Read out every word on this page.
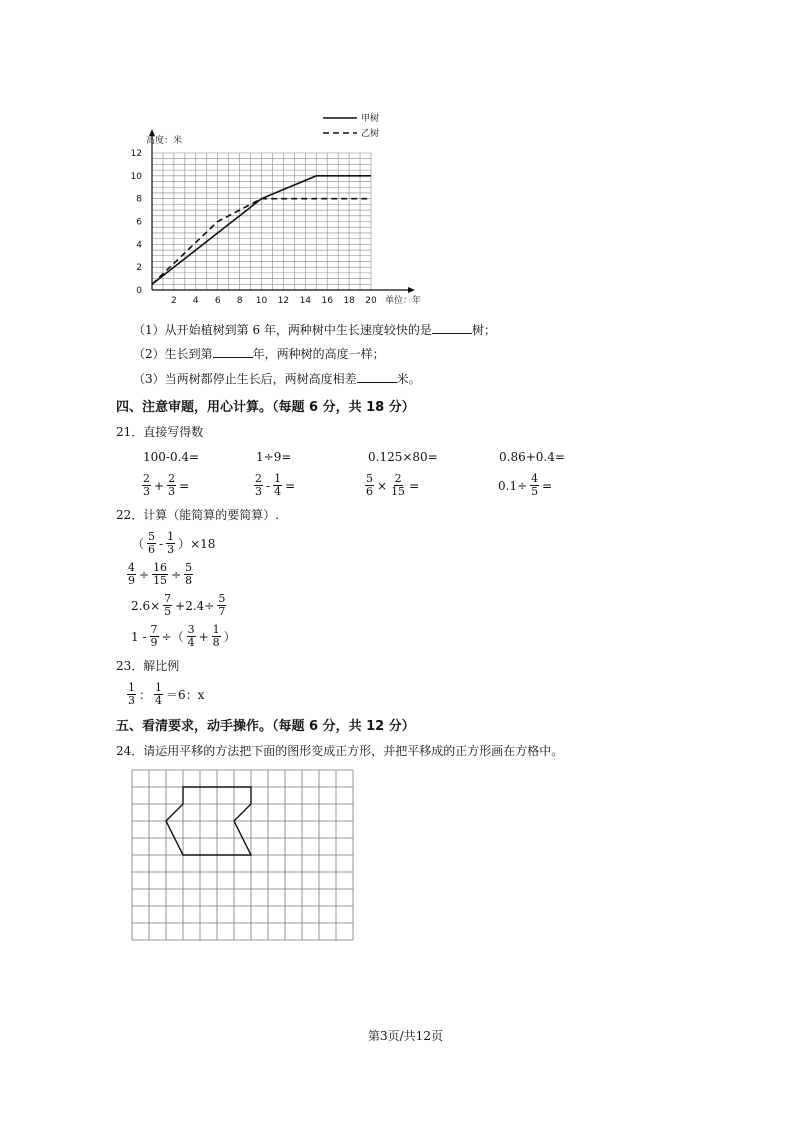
2 4 6 8 10 12 14 16 18 20
0
2
4
6
8
10
12
高度：米
单位：年
甲树
乙树
（1）从开始植树到第 6 年，两种树中生长速度较快的是	树；
（2）生长到第	年，两种树的高度一样；
（3）当两树都停止生长后，两树高度相差	米。
四、注意审题，用心计算。（每题 6 分，共 18 分）
21．直接写得数
100-0.4=	1÷9=	0.125×80=	0.86+0.4=
$\frac{2}{3} + \frac{2}{3}$ =	$\frac{2}{3} - \frac{1}{4}$ =	$\frac{5}{6} \times \frac{2}{15}$ =	$0.1\div \frac{4}{5}$ =
22．计算（能简算的要简算）.
（ $\frac{5}{6} - \frac{1}{3} )\times 18$
$\frac{4}{9} \div \frac{16}{15} \div \frac{5}{8}$
$2.6\times \frac{7}{5} +2.4\div \frac{5}{7}$
$1 - \frac{7}{9}$ ÷（ $\frac{3}{4} + \frac{1}{8}$ ）
23．解比例
$\frac{1}{3}$ ： $\frac{1}{4} =6$：x
五、看清要求，动手操作。（每题 6 分，共 12 分）
24．请运用平移的方法把下面的图形变成正方形，并把平移成的正方形画在方格中。
第3页/共12页
